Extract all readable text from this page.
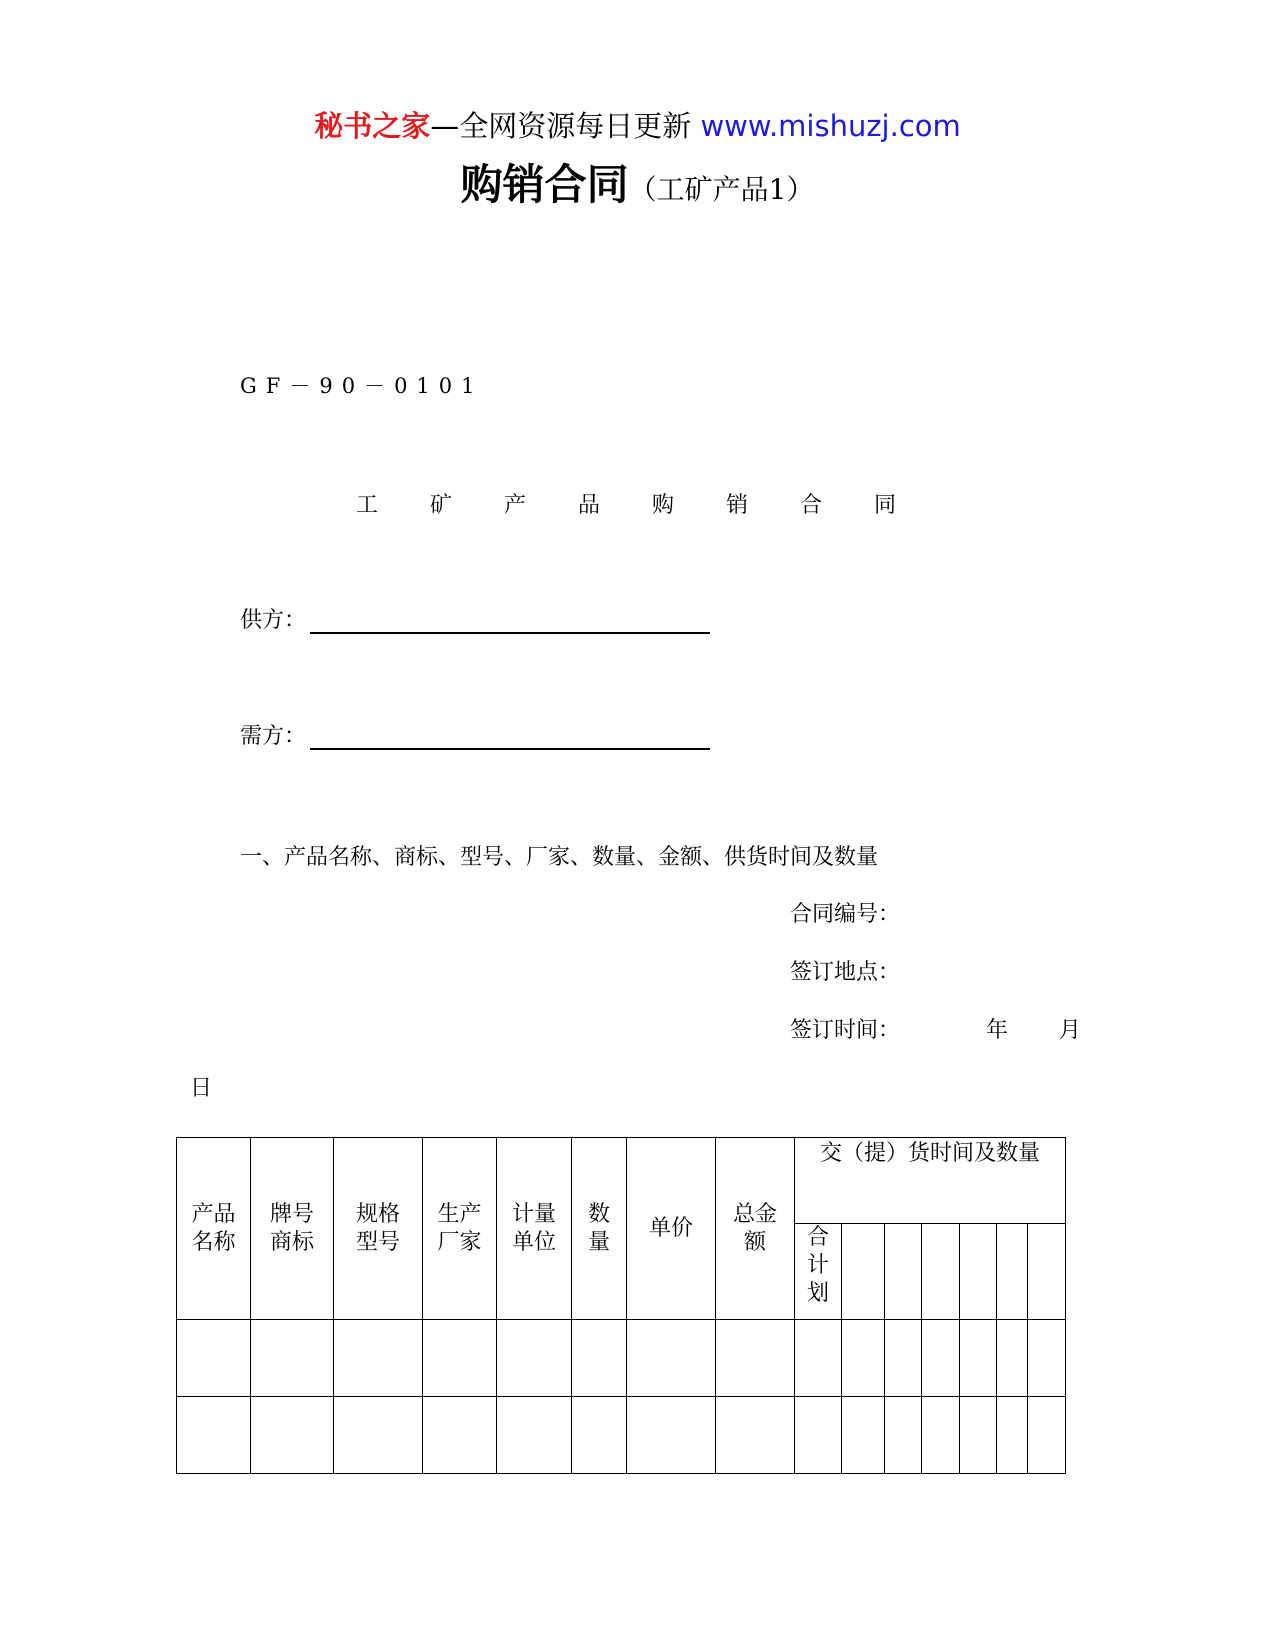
秘书之家—全网资源每日更新 www.mishuzj.com
购销合同（工矿产品1）
GF－90－0101
工 矿 产 品 购 销 合 同
供方：
需方：
一、产品名称、商标、型号、厂家、数量、金额、供货时间及数量
合同编号：
签订地点：
签订时间：	年 月
日
产品名称	牌号商标	规格型号	生产厂家	计量单位	数量	单价	总金额	交（提）货时间及数量						

								合计划						
